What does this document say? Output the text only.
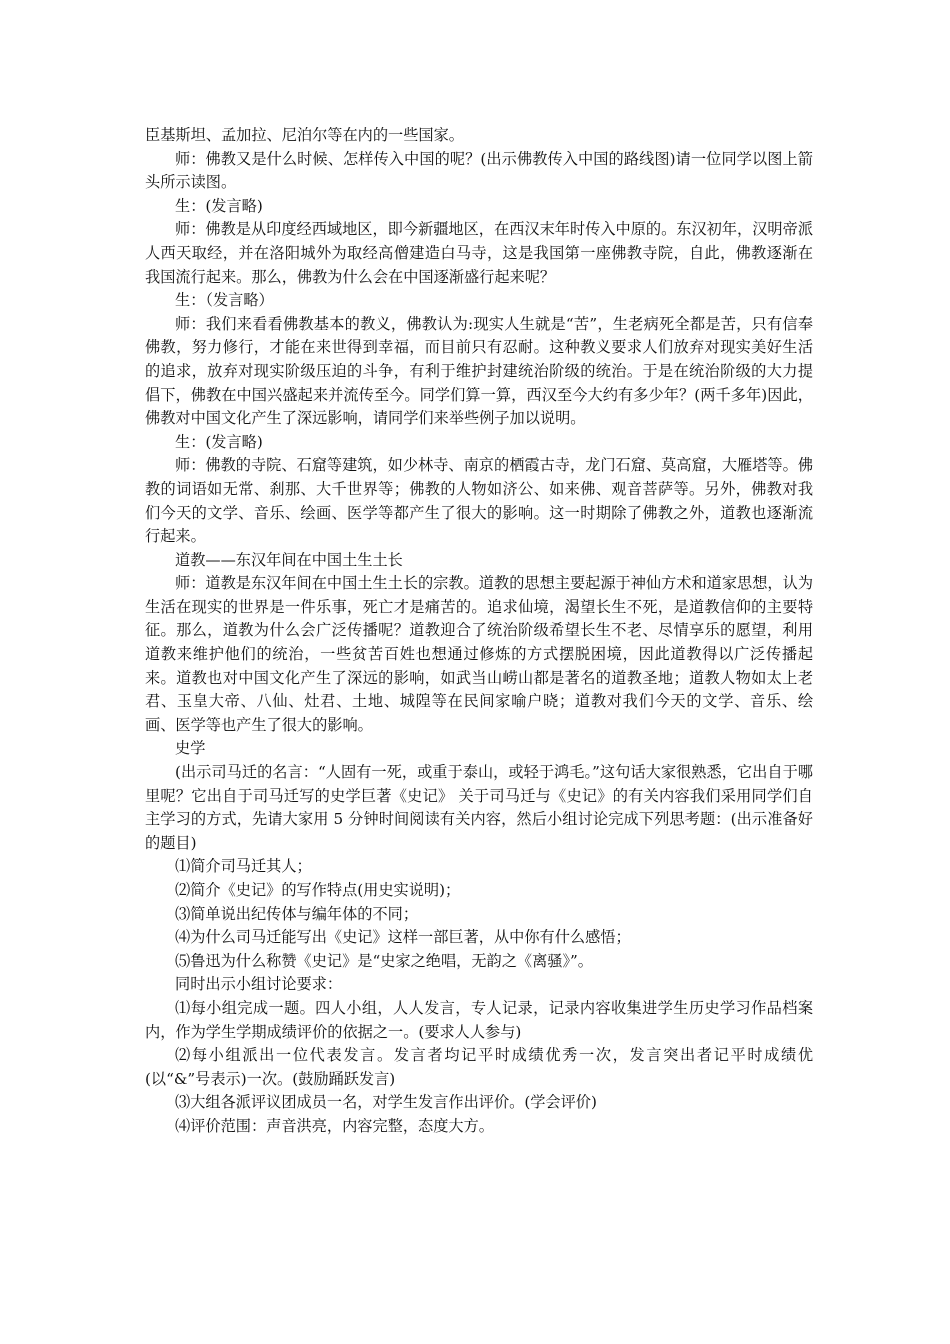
臣基斯坦、孟加拉、尼泊尔等在内的一些国家。

师：佛教又是什么时候、怎样传入中国的呢？(出示佛教传入中国的路线图)请一位同学以图上箭头所示读图。

生：(发言略)

师：佛教是从印度经西域地区，即今新疆地区，在西汉末年时传入中原的。东汉初年，汉明帝派人西天取经，并在洛阳城外为取经高僧建造白马寺，这是我国第一座佛教寺院，自此，佛教逐渐在我国流行起来。那么，佛教为什么会在中国逐渐盛行起来呢？

生：（发言略）

师：我们来看看佛教基本的教义，佛教认为:现实人生就是“苦”，生老病死全都是苦，只有信奉佛教，努力修行，才能在来世得到幸福，而目前只有忍耐。这种教义要求人们放弃对现实美好生活的追求，放弃对现实阶级压迫的斗争，有利于维护封建统治阶级的统治。于是在统治阶级的大力提倡下，佛教在中国兴盛起来并流传至今。同学们算一算，西汉至今大约有多少年？(两千多年)因此，佛教对中国文化产生了深远影响，请同学们来举些例子加以说明。

生：(发言略)

师：佛教的寺院、石窟等建筑，如少林寺、南京的栖霞古寺，龙门石窟、莫高窟，大雁塔等。佛教的词语如无常、刹那、大千世界等；佛教的人物如济公、如来佛、观音菩萨等。另外，佛教对我们今天的文学、音乐、绘画、医学等都产生了很大的影响。这一时期除了佛教之外，道教也逐渐流行起来。

道教——东汉年间在中国土生土长

师：道教是东汉年间在中国土生土长的宗教。道教的思想主要起源于神仙方术和道家思想，认为生活在现实的世界是一件乐事，死亡才是痛苦的。追求仙境，渴望长生不死，是道教信仰的主要特征。那么，道教为什么会广泛传播呢？道教迎合了统治阶级希望长生不老、尽情享乐的愿望，利用道教来维护他们的统治，一些贫苦百姓也想通过修炼的方式摆脱困境，因此道教得以广泛传播起来。道教也对中国文化产生了深远的影响，如武当山崂山都是著名的道教圣地；道教人物如太上老君、玉皇大帝、八仙、灶君、土地、城隍等在民间家喻户晓；道教对我们今天的文学、音乐、绘画、医学等也产生了很大的影响。

史学

(出示司马迁的名言：“人固有一死，或重于泰山，或轻于鸿毛。”这句话大家很熟悉，它出自于哪里呢？它出自于司马迁写的史学巨著《史记》 关于司马迁与《史记》的有关内容我们采用同学们自主学习的方式，先请大家用 5 分钟时间阅读有关内容，然后小组讨论完成下列思考题：(出示准备好的题目)

⑴简介司马迁其人；

⑵简介《史记》的写作特点(用史实说明)；

⑶简单说出纪传体与编年体的不同；

⑷为什么司马迁能写出《史记》这样一部巨著，从中你有什么感悟；

⑸鲁迅为什么称赞《史记》是“史家之绝唱，无韵之《离骚》”。

同时出示小组讨论要求：

⑴每小组完成一题。四人小组，人人发言，专人记录，记录内容收集进学生历史学习作品档案内，作为学生学期成绩评价的依据之一。(要求人人参与)

⑵每小组派出一位代表发言。发言者均记平时成绩优秀一次，发言突出者记平时成绩优(以“&”号表示)一次。(鼓励踊跃发言)

⑶大组各派评议团成员一名，对学生发言作出评价。(学会评价)

⑷评价范围：声音洪亮，内容完整，态度大方。
